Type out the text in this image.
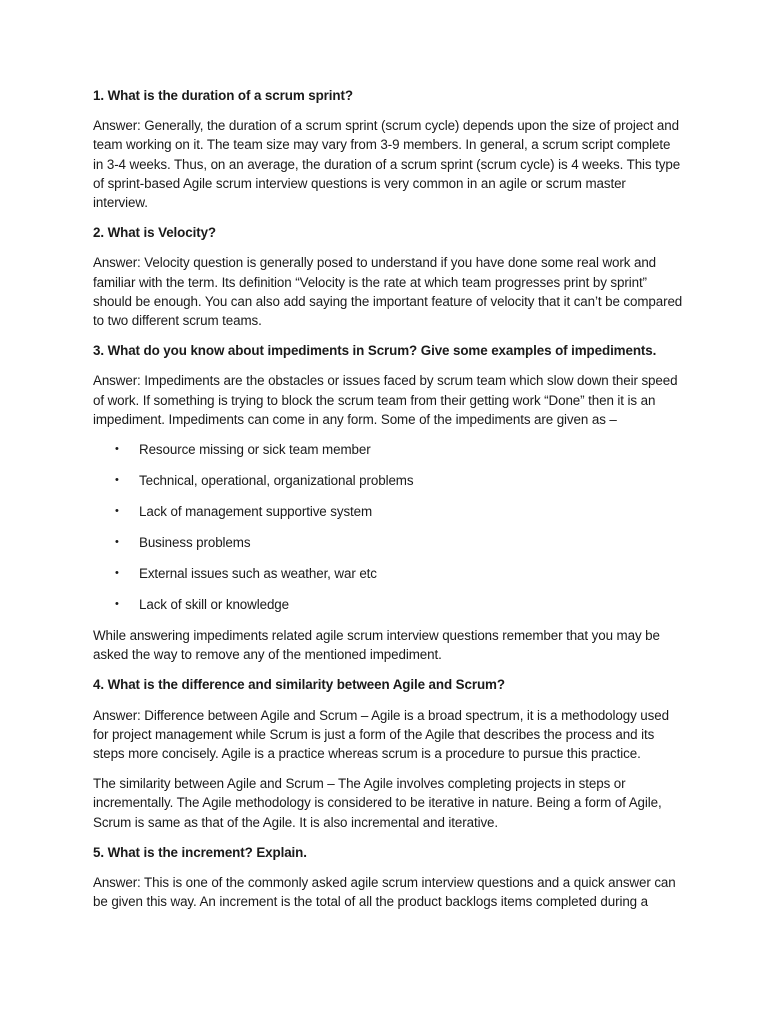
1. What is the duration of a scrum sprint?

Answer: Generally, the duration of a scrum sprint (scrum cycle) depends upon the size of project and team working on it. The team size may vary from 3-9 members. In general, a scrum script complete in 3-4 weeks. Thus, on an average, the duration of a scrum sprint (scrum cycle) is 4 weeks. This type of sprint-based Agile scrum interview questions is very common in an agile or scrum master interview.

2. What is Velocity?

Answer: Velocity question is generally posed to understand if you have done some real work and familiar with the term. Its definition “Velocity is the rate at which team progresses print by sprint” should be enough. You can also add saying the important feature of velocity that it can’t be compared to two different scrum teams.

3. What do you know about impediments in Scrum? Give some examples of impediments.

Answer: Impediments are the obstacles or issues faced by scrum team which slow down their speed of work. If something is trying to block the scrum team from their getting work “Done” then it is an impediment. Impediments can come in any form. Some of the impediments are given as –

• Resource missing or sick team member
• Technical, operational, organizational problems
• Lack of management supportive system
• Business problems
• External issues such as weather, war etc
• Lack of skill or knowledge

While answering impediments related agile scrum interview questions remember that you may be asked the way to remove any of the mentioned impediment.

4. What is the difference and similarity between Agile and Scrum?

Answer: Difference between Agile and Scrum – Agile is a broad spectrum, it is a methodology used for project management while Scrum is just a form of the Agile that describes the process and its steps more concisely. Agile is a practice whereas scrum is a procedure to pursue this practice.

The similarity between Agile and Scrum – The Agile involves completing projects in steps or incrementally. The Agile methodology is considered to be iterative in nature. Being a form of Agile, Scrum is same as that of the Agile. It is also incremental and iterative.

5. What is the increment? Explain.

Answer: This is one of the commonly asked agile scrum interview questions and a quick answer can be given this way. An increment is the total of all the product backlogs items completed during a
